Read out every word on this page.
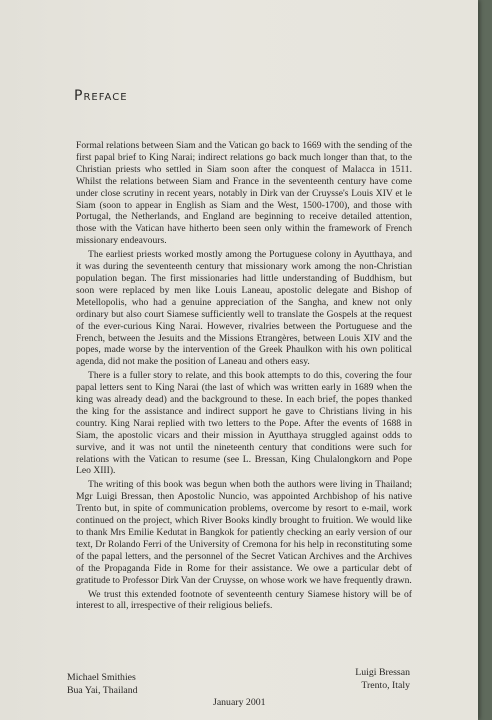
Preface

Formal relations between Siam and the Vatican go back to 1669 with the sending of the first papal brief to King Narai; indirect relations go back much longer than that, to the Christian priests who settled in Siam soon after the conquest of Malacca in 1511. Whilst the relations between Siam and France in the seventeenth century have come under close scrutiny in recent years, notably in Dirk van der Cruysse's Louis XIV et le Siam (soon to appear in English as Siam and the West, 1500-1700), and those with Portugal, the Netherlands, and England are beginning to receive detailed attention, those with the Vatican have hitherto been seen only within the framework of French missionary endeavours.

The earliest priests worked mostly among the Portuguese colony in Ayutthaya, and it was during the seventeenth century that missionary work among the non-Christian population began. The first missionaries had little understanding of Buddhism, but soon were replaced by men like Louis Laneau, apostolic delegate and Bishop of Metellopolis, who had a genuine appreciation of the Sangha, and knew not only ordinary but also court Siamese sufficiently well to translate the Gospels at the request of the ever-curious King Narai. However, rivalries between the Portuguese and the French, between the Jesuits and the Missions Etrangères, between Louis XIV and the popes, made worse by the intervention of the Greek Phaulkon with his own political agenda, did not make the position of Laneau and others easy.

There is a fuller story to relate, and this book attempts to do this, covering the four papal letters sent to King Narai (the last of which was written early in 1689 when the king was already dead) and the background to these. In each brief, the popes thanked the king for the assistance and indirect support he gave to Christians living in his country. King Narai replied with two letters to the Pope. After the events of 1688 in Siam, the apostolic vicars and their mission in Ayutthaya struggled against odds to survive, and it was not until the nineteenth century that conditions were such for relations with the Vatican to resume (see L. Bressan, King Chulalongkorn and Pope Leo XIII).

The writing of this book was begun when both the authors were living in Thailand; Mgr Luigi Bressan, then Apostolic Nuncio, was appointed Archbishop of his native Trento but, in spite of communication problems, overcome by resort to e-mail, work continued on the project, which River Books kindly brought to fruition. We would like to thank Mrs Emilie Kedutat in Bangkok for patiently checking an early version of our text, Dr Rolando Ferri of the University of Cremona for his help in reconstituting some of the papal letters, and the personnel of the Secret Vatican Archives and the Archives of the Propaganda Fide in Rome for their assistance. We owe a particular debt of gratitude to Professor Dirk Van der Cruysse, on whose work we have frequently drawn.

We trust this extended footnote of seventeenth century Siamese history will be of interest to all, irrespective of their religious beliefs.

Michael Smithies
Bua Yai, Thailand
Luigi Bressan
Trento, Italy
January 2001
